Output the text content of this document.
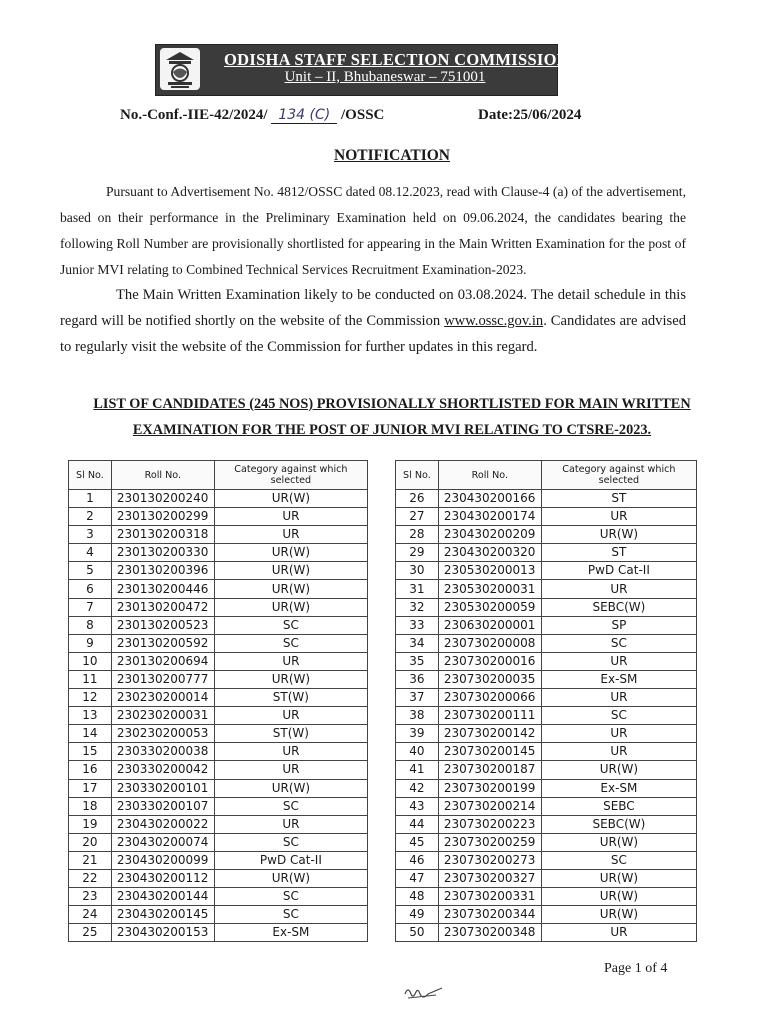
ODISHA STAFF SELECTION COMMISSION
Unit – II, Bhubaneswar – 751001
No.-Conf.-IIE-42/2024/ 134 (C) /OSSC	Date:25/06/2024
NOTIFICATION

Pursuant to Advertisement No. 4812/OSSC dated 08.12.2023, read with Clause-4 (a) of the advertisement, based on their performance in the Preliminary Examination held on 09.06.2024, the candidates bearing the following Roll Number are provisionally shortlisted for appearing in the Main Written Examination for the post of Junior MVI relating to Combined Technical Services Recruitment Examination-2023.

The Main Written Examination likely to be conducted on 03.08.2024. The detail schedule in this regard will be notified shortly on the website of the Commission www.ossc.gov.in. Candidates are advised to regularly visit the website of the Commission for further updates in this regard.

LIST OF CANDIDATES (245 NOS) PROVISIONALLY SHORTLISTED FOR MAIN WRITTEN
EXAMINATION FOR THE POST OF JUNIOR MVI RELATING TO CTSRE-2023.
Sl No.	Roll No.	Category against which selected
1	230130200240	UR(W)
2	230130200299	UR
3	230130200318	UR
4	230130200330	UR(W)
5	230130200396	UR(W)
6	230130200446	UR(W)
7	230130200472	UR(W)
8	230130200523	SC
9	230130200592	SC
10	230130200694	UR
11	230130200777	UR(W)
12	230230200014	ST(W)
13	230230200031	UR
14	230230200053	ST(W)
15	230330200038	UR
16	230330200042	UR
17	230330200101	UR(W)
18	230330200107	SC
19	230430200022	UR
20	230430200074	SC
21	230430200099	PwD Cat-II
22	230430200112	UR(W)
23	230430200144	SC
24	230430200145	SC
25	230430200153	Ex-SM
Sl No.	Roll No.	Category against which selected
26	230430200166	ST
27	230430200174	UR
28	230430200209	UR(W)
29	230430200320	ST
30	230530200013	PwD Cat-II
31	230530200031	UR
32	230530200059	SEBC(W)
33	230630200001	SP
34	230730200008	SC
35	230730200016	UR
36	230730200035	Ex-SM
37	230730200066	UR
38	230730200111	SC
39	230730200142	UR
40	230730200145	UR
41	230730200187	UR(W)
42	230730200199	Ex-SM
43	230730200214	SEBC
44	230730200223	SEBC(W)
45	230730200259	UR(W)
46	230730200273	SC
47	230730200327	UR(W)
48	230730200331	UR(W)
49	230730200344	UR(W)
50	230730200348	UR
Page 1 of 4
